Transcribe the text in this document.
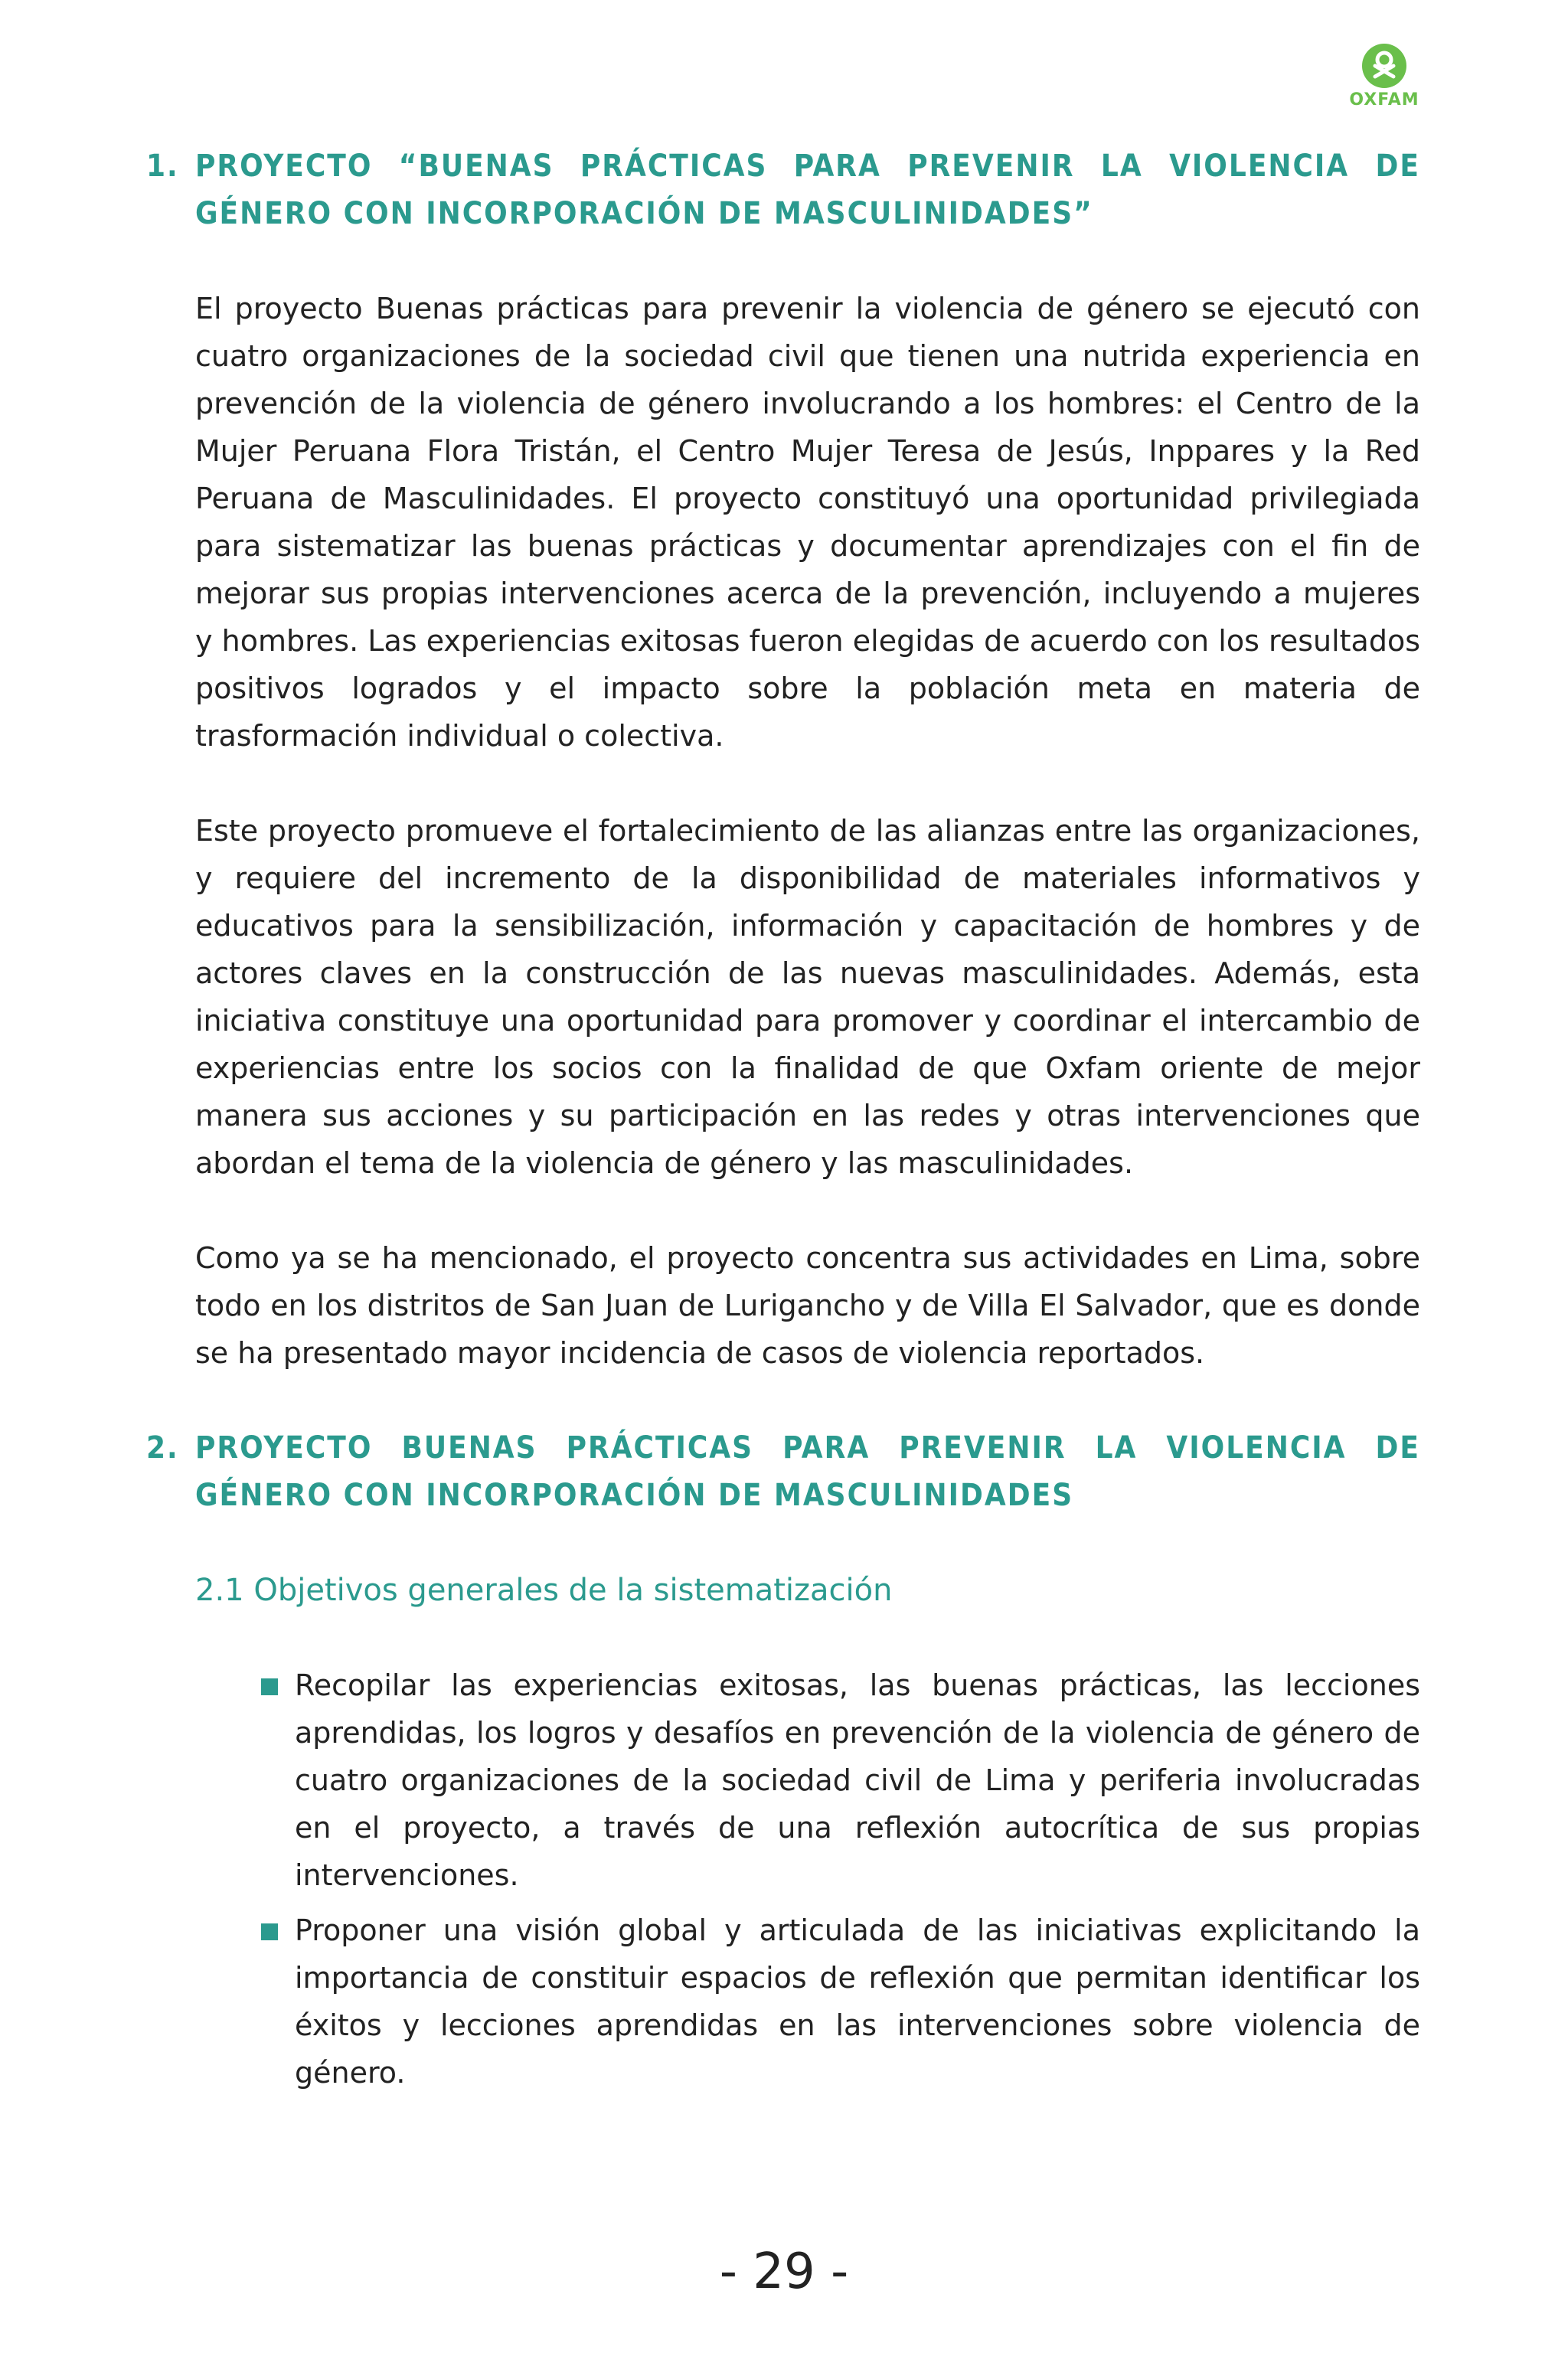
OXFAM
1. PROYECTO “BUENAS PRÁCTICAS PARA PREVENIR LA VIOLENCIA DE GÉNERO CON INCORPORACIÓN DE MASCULINIDADES”

El proyecto Buenas prácticas para prevenir la violencia de género se ejecutó con cuatro organizaciones de la sociedad civil que tienen una nutrida experiencia en prevención de la violencia de género involucrando a los hombres: el Centro de la Mujer Peruana Flora Tristán, el Centro Mujer Teresa de Jesús, Inppares y la Red Peruana de Masculinidades. El proyecto constituyó una oportunidad privilegiada para sistematizar las buenas prácticas y documentar aprendizajes con el fin de mejorar sus propias intervenciones acerca de la prevención, incluyendo a mujeres y hombres. Las experiencias exitosas fueron elegidas de acuerdo con los resultados positivos logrados y el impacto sobre la población meta en materia de trasformación individual o colectiva.

Este proyecto promueve el fortalecimiento de las alianzas entre las organizaciones, y requiere del incremento de la disponibilidad de materiales informativos y educativos para la sensibilización, información y capacitación de hombres y de actores claves en la construcción de las nuevas masculinidades. Además, esta iniciativa constituye una oportunidad para promover y coordinar el intercambio de experiencias entre los socios con la finalidad de que Oxfam oriente de mejor manera sus acciones y su participación en las redes y otras intervenciones que abordan el tema de la violencia de género y las masculinidades.

Como ya se ha mencionado, el proyecto concentra sus actividades en Lima, sobre todo en los distritos de San Juan de Lurigancho y de Villa El Salvador, que es donde se ha presentado mayor incidencia de casos de violencia reportados.

2. PROYECTO BUENAS PRÁCTICAS PARA PREVENIR LA VIOLENCIA DE GÉNERO CON INCORPORACIÓN DE MASCULINIDADES
2.1 Objetivos generales de la sistematización
Recopilar las experiencias exitosas, las buenas prácticas, las lecciones aprendidas, los logros y desafíos en prevención de la violencia de género de cuatro organizaciones de la sociedad civil de Lima y periferia involucradas en el proyecto, a través de una reflexión autocrítica de sus propias intervenciones.
Proponer una visión global y articulada de las iniciativas explicitando la importancia de constituir espacios de reflexión que permitan identificar los éxitos y lecciones aprendidas en las intervenciones sobre violencia de género.
- 29 -
